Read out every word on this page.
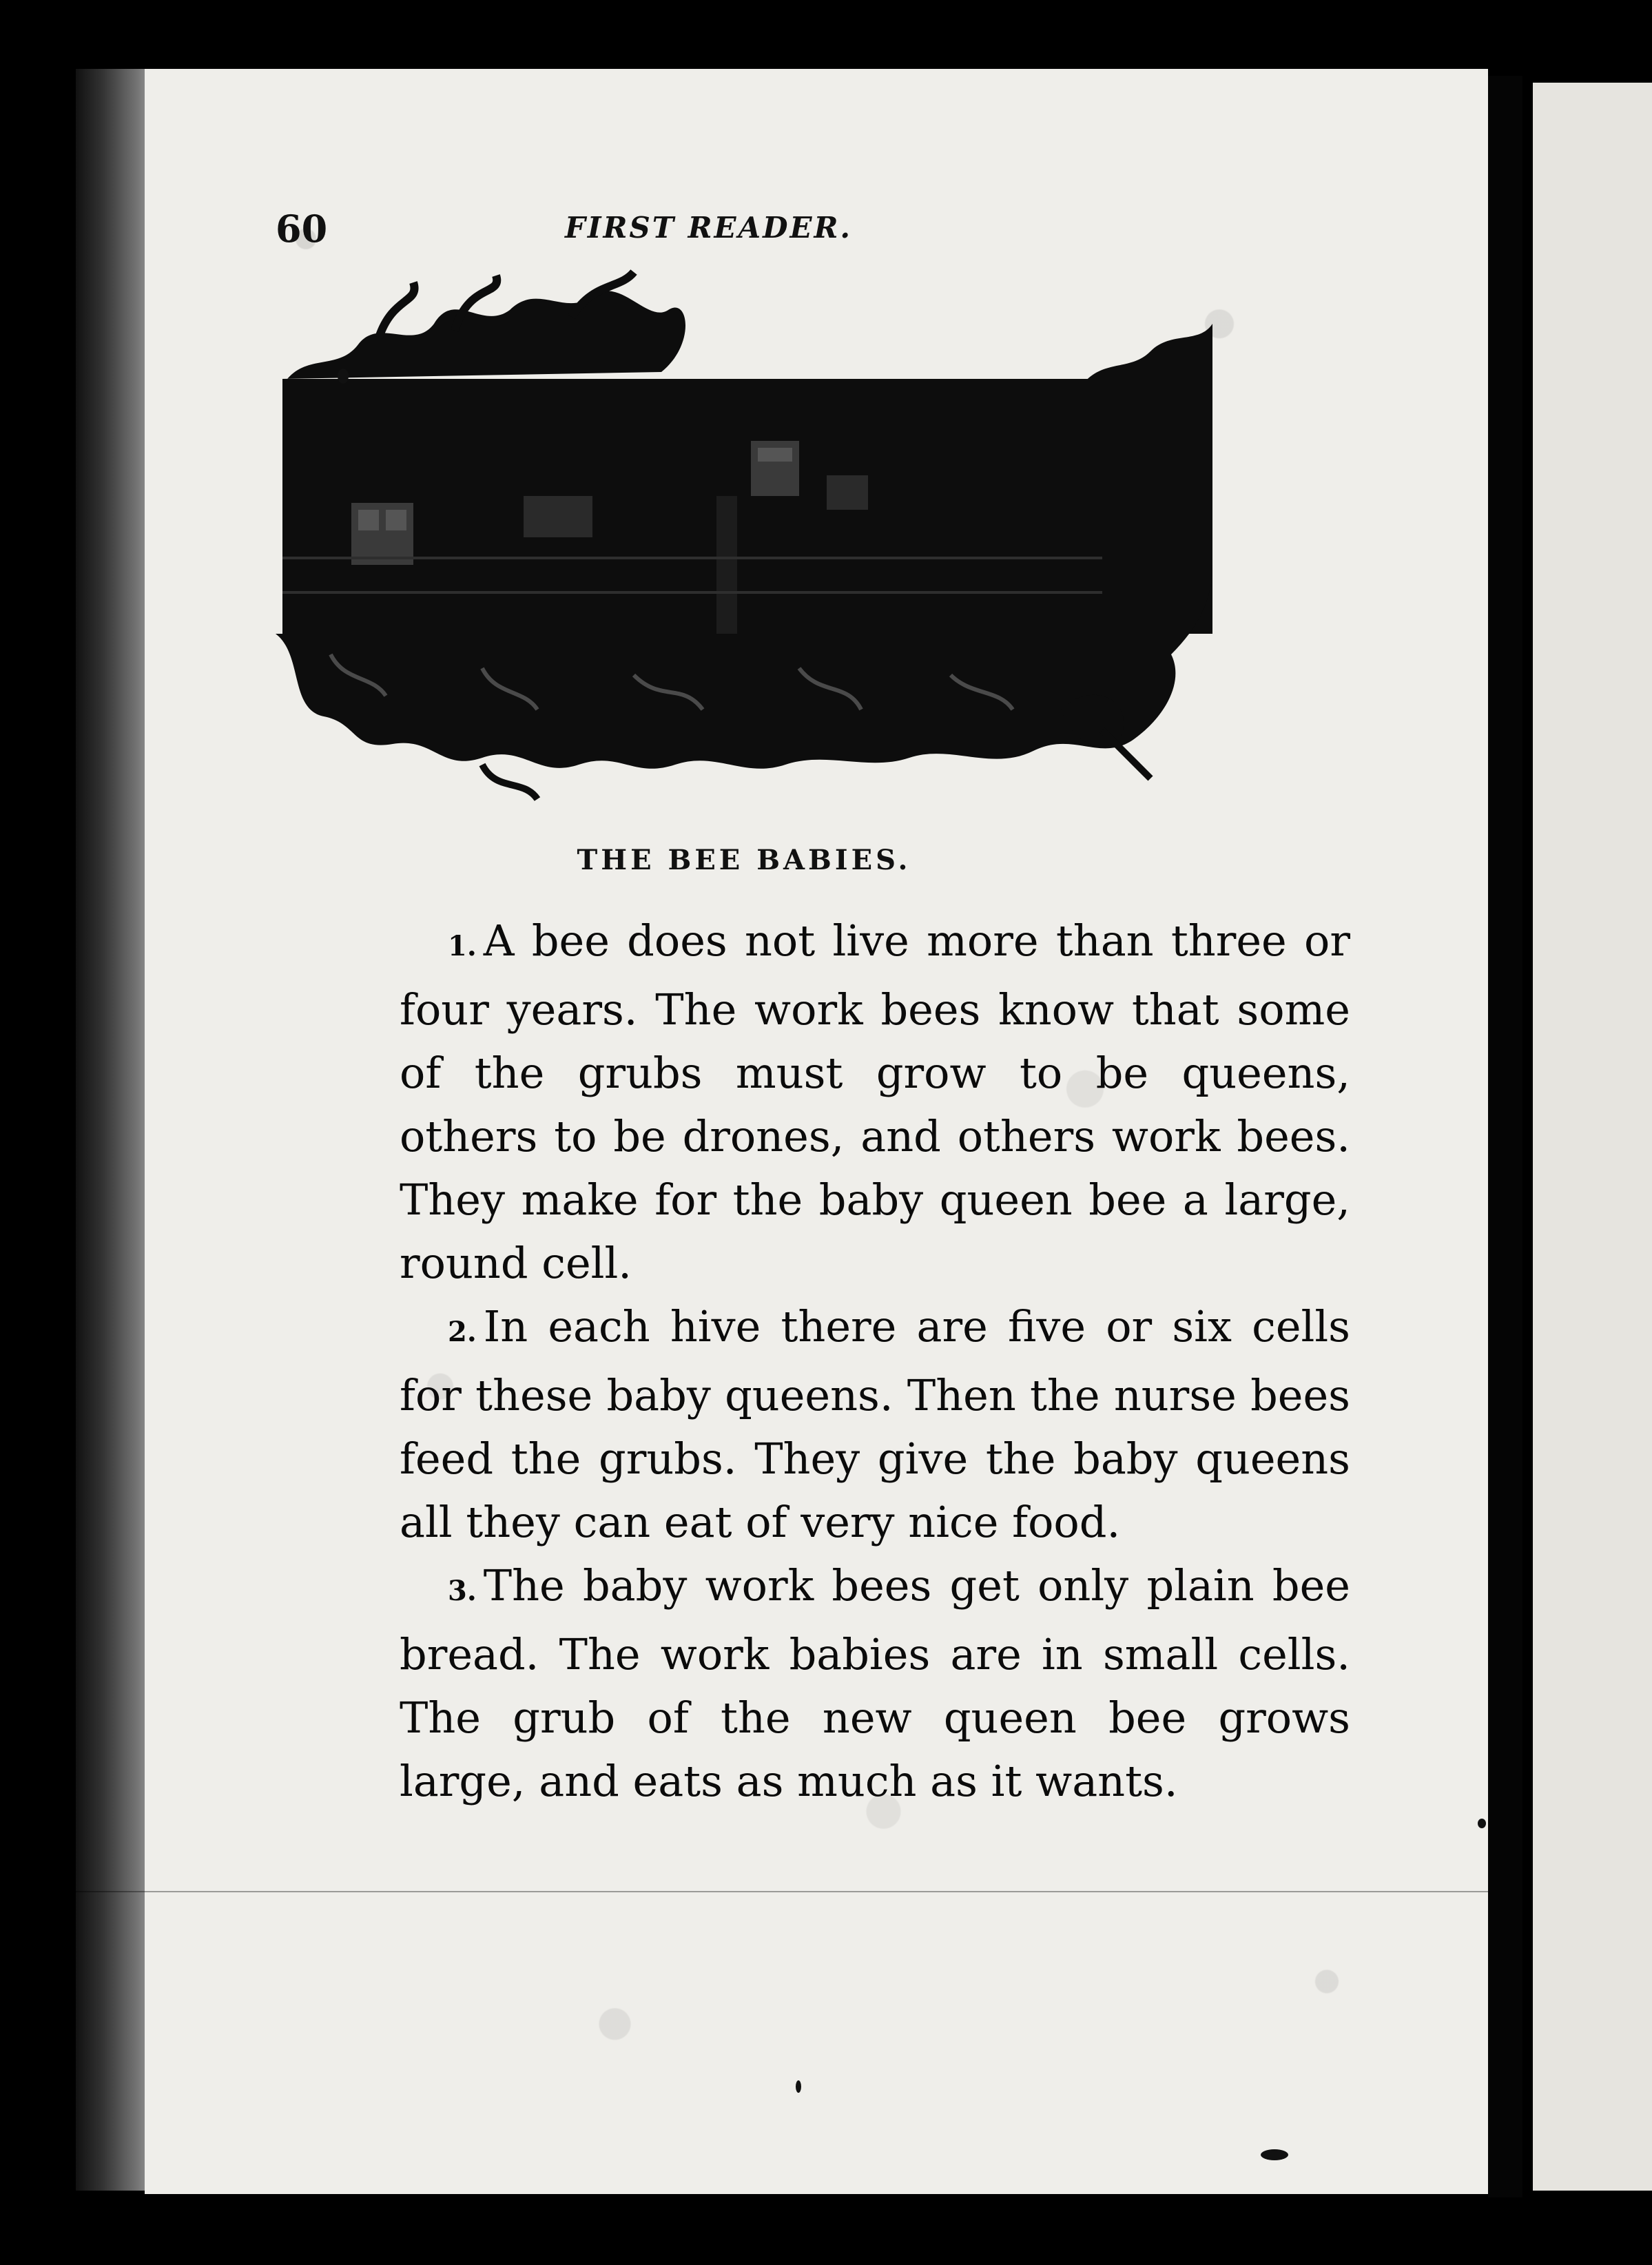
60	FIRST READER.
THE BEE BABIES.

1. A bee does not live more than three or four years. The work bees know that some of the grubs must grow to be queens, others to be drones, and others work bees. They make for the baby queen bee a large, round cell.

2. In each hive there are five or six cells for these baby queens. Then the nurse bees feed the grubs. They give the baby queens all they can eat of very nice food.

3. The baby work bees get only plain bee bread. The work babies are in small cells. The grub of the new queen bee grows large, and eats as much as it wants.
